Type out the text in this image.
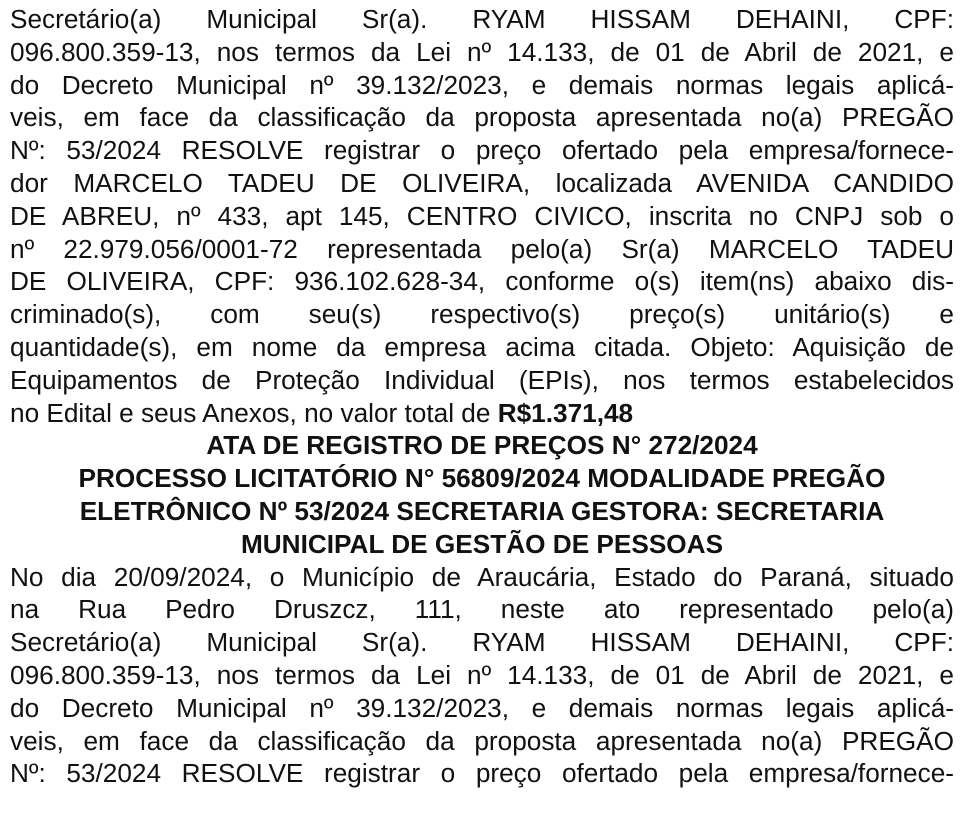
Secretário(a) Municipal Sr(a). RYAM HISSAM DEHAINI, CPF:
096.800.359-13, nos termos da Lei nº 14.133, de 01 de Abril de 2021, e
do Decreto Municipal nº 39.132/2023, e demais normas legais aplicá-
veis, em face da classificação da proposta apresentada no(a) PREGÃO
Nº: 53/2024 RESOLVE registrar o preço ofertado pela empresa/fornece-
dor MARCELO TADEU DE OLIVEIRA, localizada AVENIDA CANDIDO
DE ABREU, nº 433, apt 145, CENTRO CIVICO, inscrita no CNPJ sob o
nº 22.979.056/0001-72 representada pelo(a) Sr(a) MARCELO TADEU
DE OLIVEIRA, CPF: 936.102.628-34, conforme o(s) item(ns) abaixo dis-
criminado(s), com seu(s) respectivo(s) preço(s) unitário(s) e
quantidade(s), em nome da empresa acima citada. Objeto: Aquisição de
Equipamentos de Proteção Individual (EPIs), nos termos estabelecidos
no Edital e seus Anexos, no valor total de R$1.371,48
ATA DE REGISTRO DE PREÇOS N° 272/2024
PROCESSO LICITATÓRIO N° 56809/2024 MODALIDADE PREGÃO
ELETRÔNICO Nº 53/2024 SECRETARIA GESTORA: SECRETARIA
MUNICIPAL DE GESTÃO DE PESSOAS
No dia 20/09/2024, o Município de Araucária, Estado do Paraná, situado
na Rua Pedro Druszcz, 111, neste ato representado pelo(a)
Secretário(a) Municipal Sr(a). RYAM HISSAM DEHAINI, CPF:
096.800.359-13, nos termos da Lei nº 14.133, de 01 de Abril de 2021, e
do Decreto Municipal nº 39.132/2023, e demais normas legais aplicá-
veis, em face da classificação da proposta apresentada no(a) PREGÃO
Nº: 53/2024 RESOLVE registrar o preço ofertado pela empresa/fornece-
